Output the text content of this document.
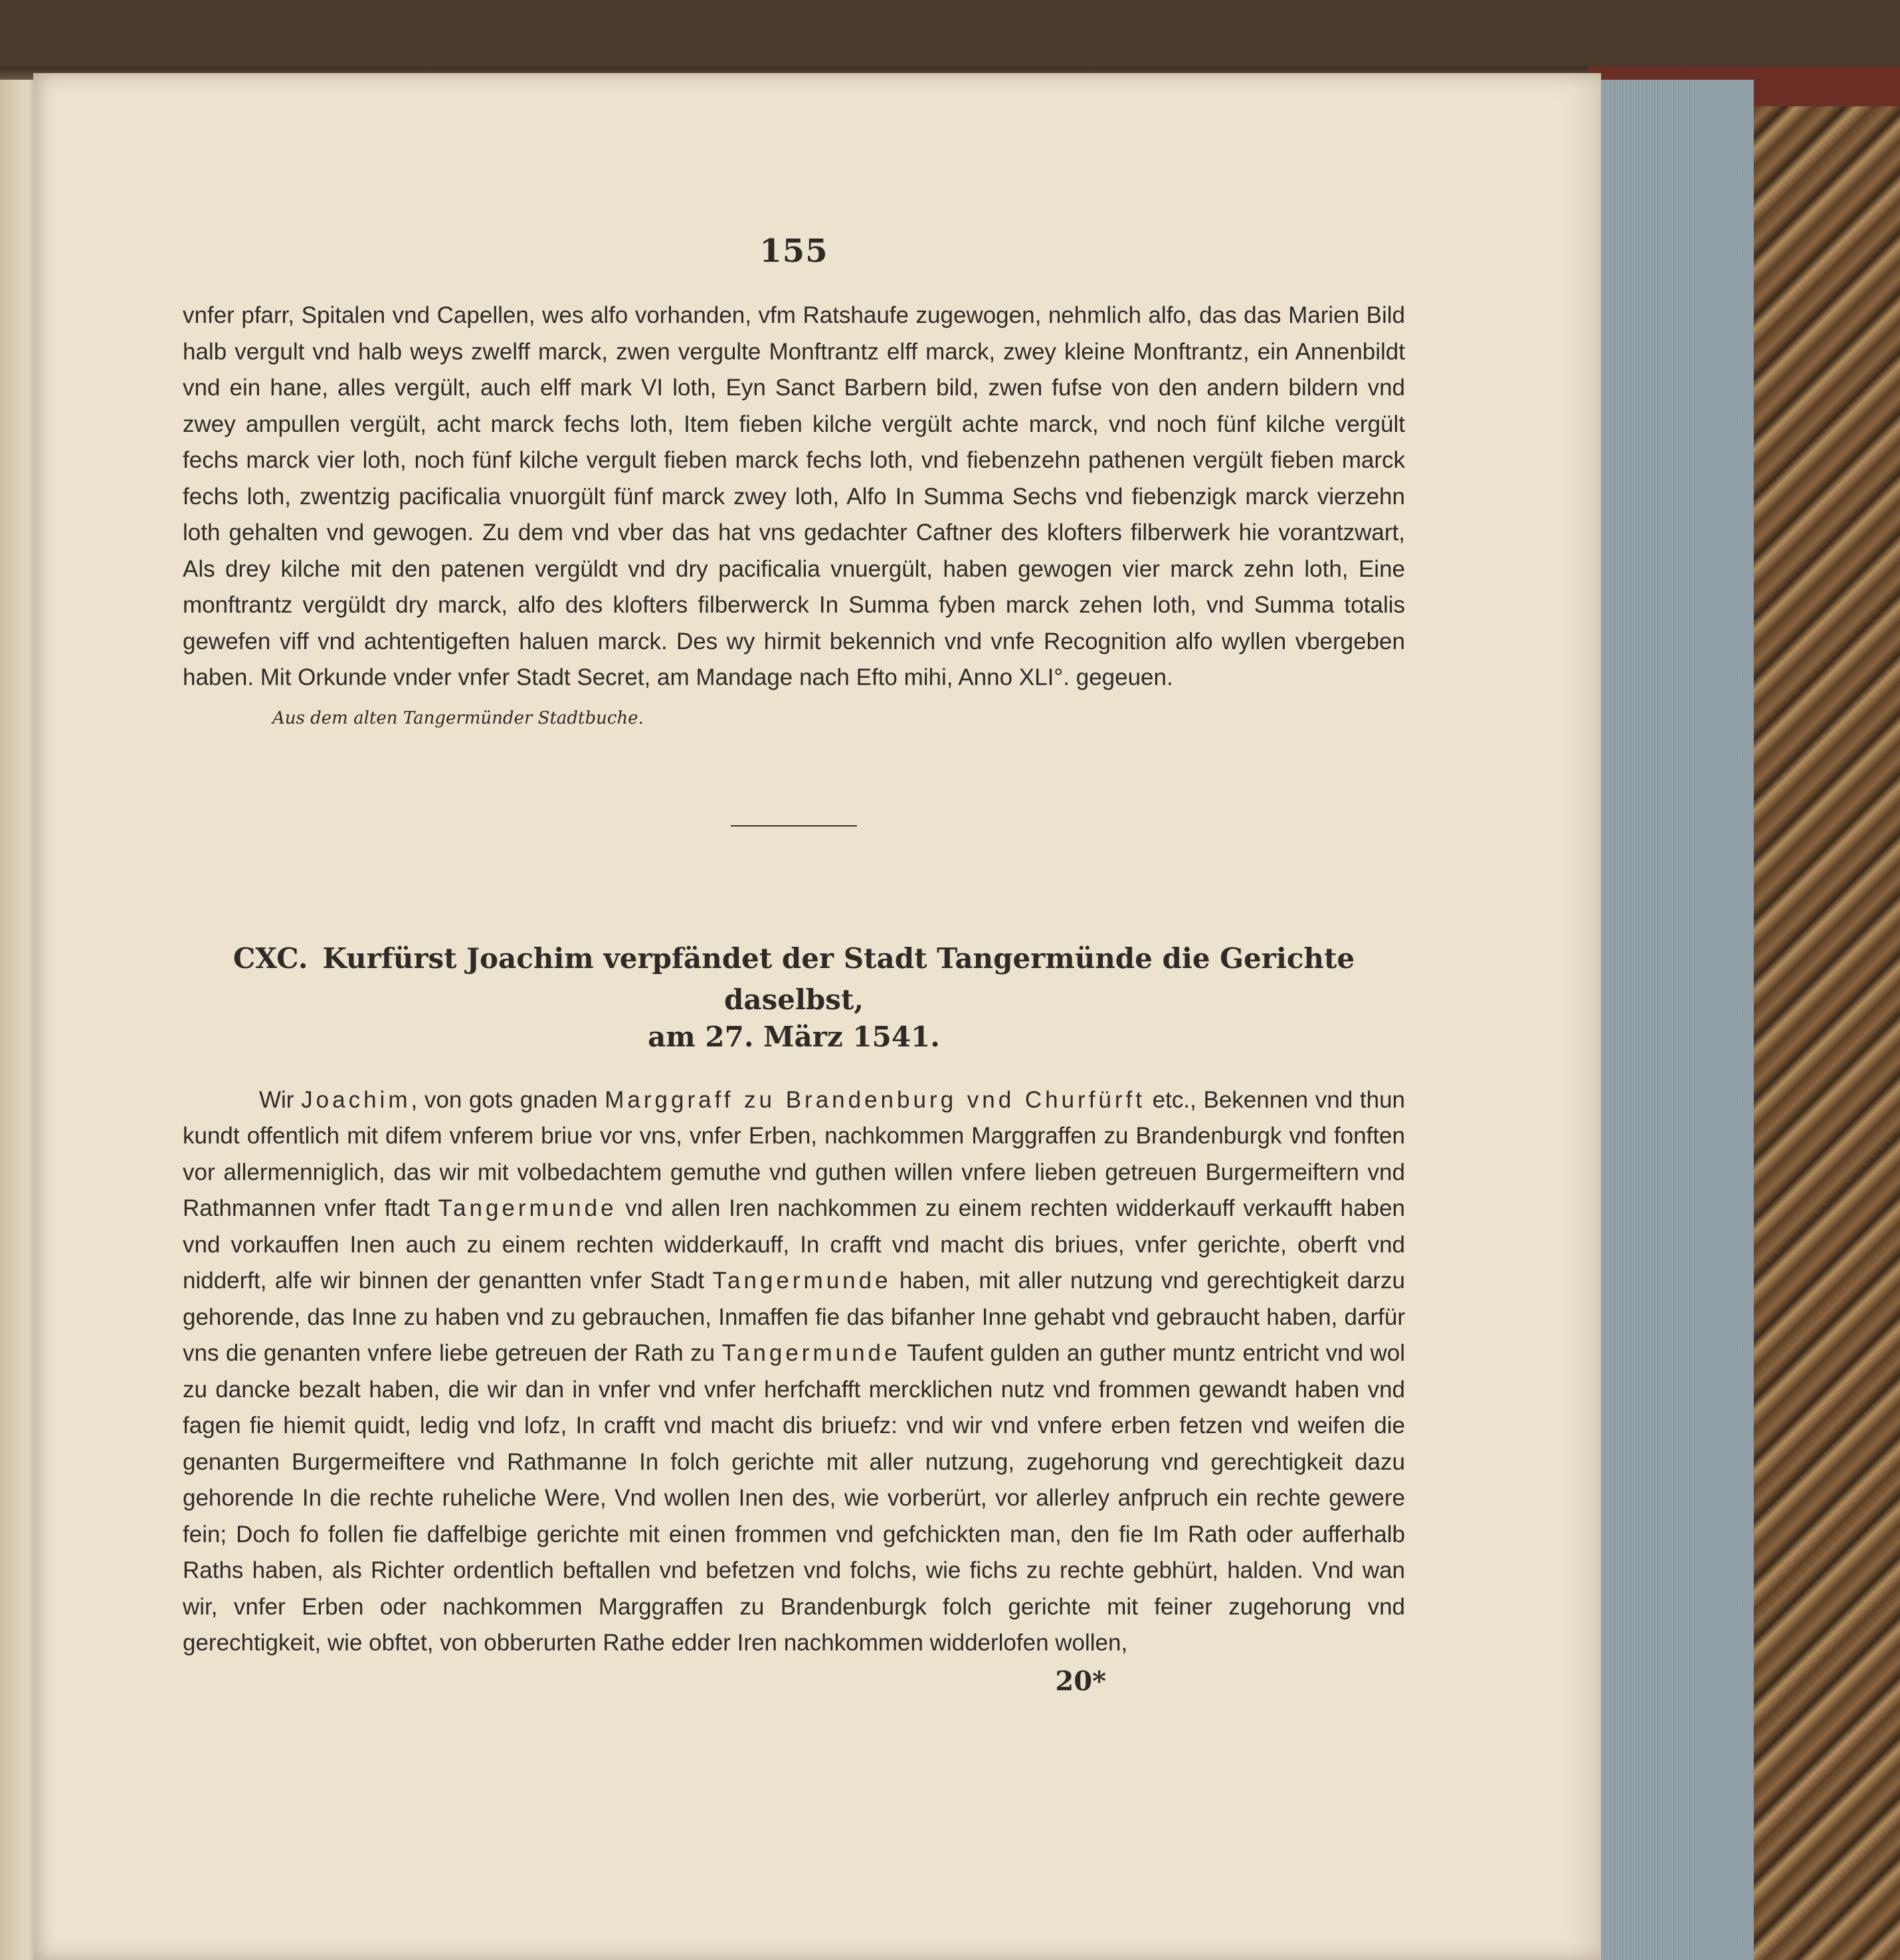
155

vnfer pfarr, Spitalen vnd Capellen, wes alfo vorhanden, vfm Ratshaufe zugewogen, nehmlich alfo, das das Marien Bild halb vergult vnd halb weys zwelff marck, zwen vergulte Monftrantz elff marck, zwey kleine Monftrantz, ein Annenbildt vnd ein hane, alles vergült, auch elff mark VI loth, Eyn Sanct Barbern bild, zwen fufse von den andern bildern vnd zwey ampullen vergült, acht marck fechs loth, Item fieben kilche vergült achte marck, vnd noch fünf kilche vergült fechs marck vier loth, noch fünf kilche vergult fieben marck fechs loth, vnd fiebenzehn pathenen vergült fieben marck fechs loth, zwentzig pacificalia vnuorgült fünf marck zwey loth, Alfo In Summa Sechs vnd fiebenzigk marck vierzehn loth gehalten vnd gewogen. Zu dem vnd vber das hat vns gedachter Caftner des klofters filberwerk hie vorantzwart, Als drey kilche mit den patenen vergüldt vnd dry pacificalia vnuergült, haben gewogen vier marck zehn loth, Eine monftrantz vergüldt dry marck, alfo des klofters filberwerck In Summa fyben marck zehen loth, vnd Summa totalis gewefen viff vnd achtentigeften haluen marck. Des wy hirmit bekennich vnd vnfe Recognition alfo wyllen vbergeben haben. Mit Orkunde vnder vnfer Stadt Secret, am Mandage nach Efto mihi, Anno XLI°. gegeuen.

Aus dem alten Tangermünder Stadtbuche.
CXC. Kurfürst Joachim verpfändet der Stadt Tangermünde die Gerichte daselbst,
am 27. März 1541.

Wir Joachim, von gots gnaden Marggraff zu Brandenburg vnd Churfürft etc., Bekennen vnd thun kundt offentlich mit difem vnferem briue vor vns, vnfer Erben, nachkommen Marggraffen zu Brandenburgk vnd fonften vor allermenniglich, das wir mit volbedachtem gemuthe vnd guthen willen vnfere lieben getreuen Burgermeiftern vnd Rathmannen vnfer ftadt Tangermunde vnd allen Iren nachkommen zu einem rechten widderkauff verkaufft haben vnd vorkauffen Inen auch zu einem rechten widderkauff, In crafft vnd macht dis briues, vnfer gerichte, oberft vnd nidderft, alfe wir binnen der genantten vnfer Stadt Tangermunde haben, mit aller nutzung vnd gerechtigkeit darzu gehorende, das Inne zu haben vnd zu gebrauchen, Inmaffen fie das bifanher Inne gehabt vnd gebraucht haben, darfür vns die genanten vnfere liebe getreuen der Rath zu Tangermunde Taufent gulden an guther muntz entricht vnd wol zu dancke bezalt haben, die wir dan in vnfer vnd vnfer herfchafft mercklichen nutz vnd frommen gewandt haben vnd fagen fie hiemit quidt, ledig vnd lofz, In crafft vnd macht dis briuefz: vnd wir vnd vnfere erben fetzen vnd weifen die genanten Burgermeiftere vnd Rathmanne In folch gerichte mit aller nutzung, zugehorung vnd gerechtigkeit dazu gehorende In die rechte ruheliche Were, Vnd wollen Inen des, wie vorberürt, vor allerley anfpruch ein rechte gewere fein; Doch fo follen fie daffelbige gerichte mit einen frommen vnd gefchickten man, den fie Im Rath oder aufferhalb Raths haben, als Richter ordentlich beftallen vnd befetzen vnd folchs, wie fichs zu rechte gebhürt, halden. Vnd wan wir, vnfer Erben oder nachkommen Marggraffen zu Brandenburgk folch gerichte mit feiner zugehorung vnd gerechtigkeit, wie obftet, von obberurten Rathe edder Iren nachkommen widderlofen wollen,

20*
